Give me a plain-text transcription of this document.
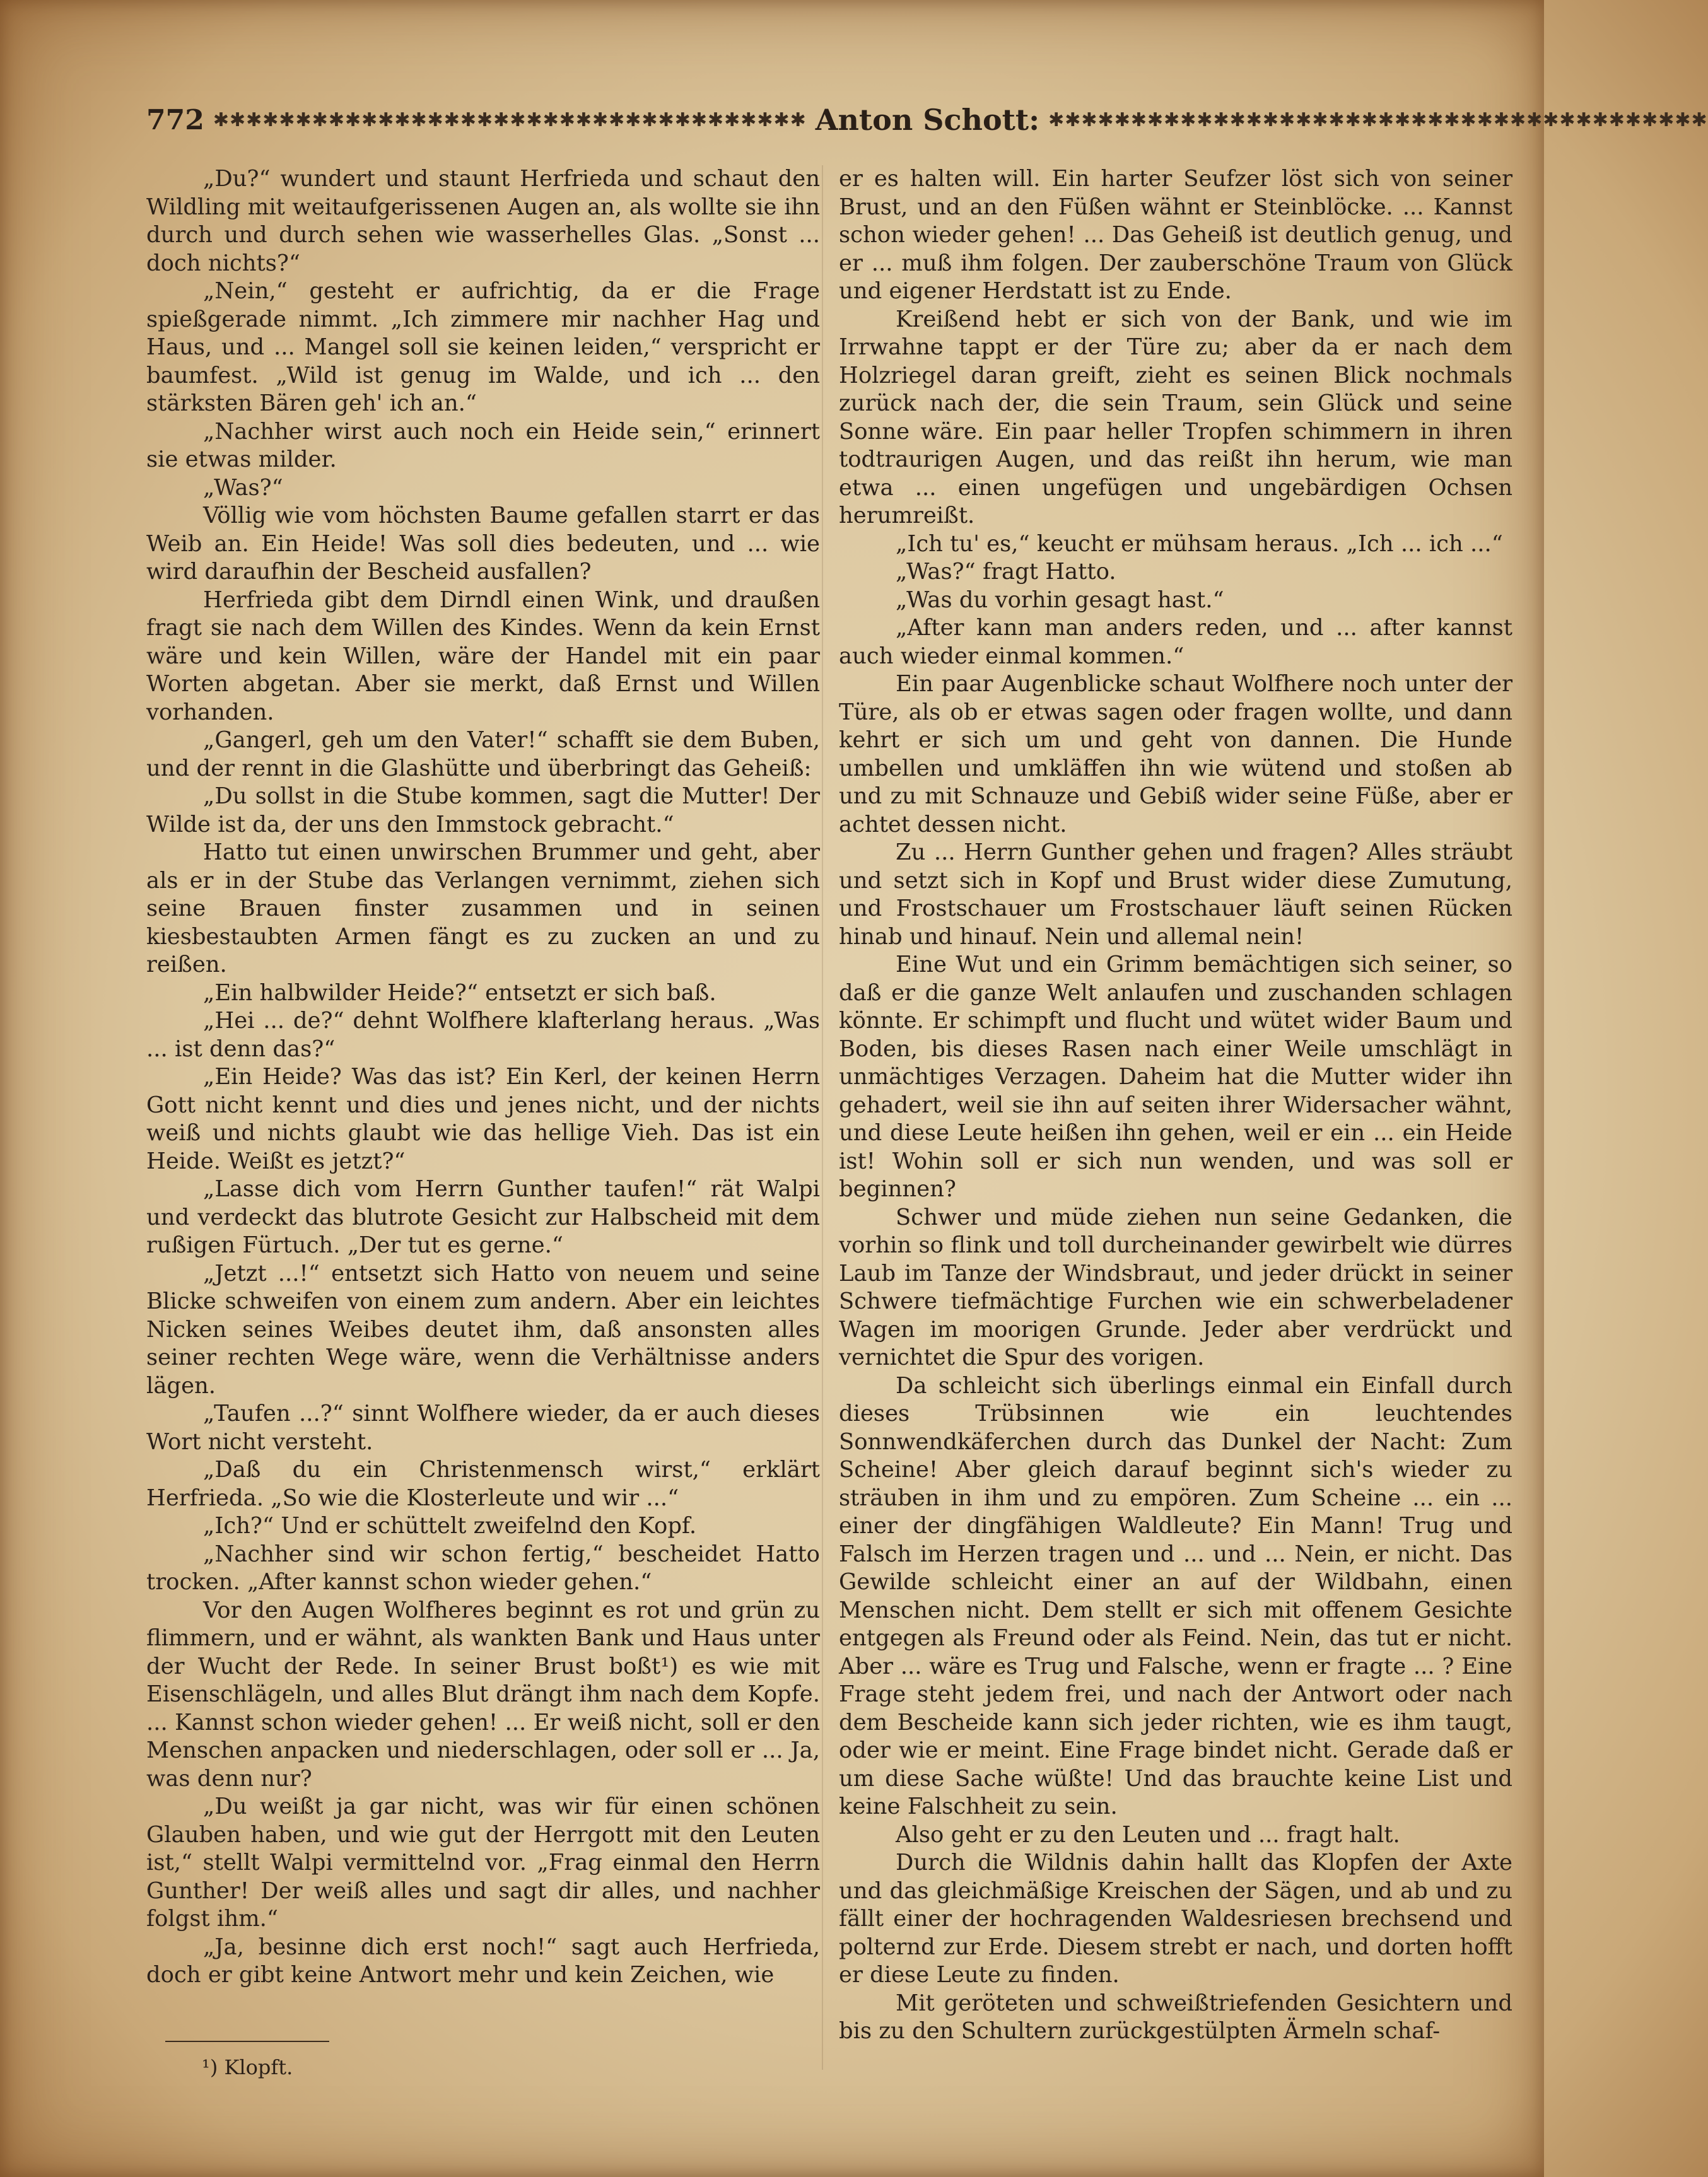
772 ✱✱✱✱✱✱✱✱✱✱✱✱✱✱✱✱✱✱✱✱✱✱✱✱✱✱✱✱✱✱✱✱✱✱✱✱ Anton Schott: ✱✱✱✱✱✱✱✱✱✱✱✱✱✱✱✱✱✱✱✱✱✱✱✱✱✱✱✱✱✱✱✱✱✱✱✱✱✱✱✱

„Du?“ wundert und staunt Herfrieda und schaut den Wildling mit weitaufgerissenen Augen an, als wollte sie ihn durch und durch sehen wie wasserhelles Glas. „Sonst ... doch nichts?“

„Nein,“ gesteht er aufrichtig, da er die Frage spießgerade nimmt. „Ich zimmere mir nachher Hag und Haus, und ... Mangel soll sie keinen leiden,“ verspricht er baumfest. „Wild ist genug im Walde, und ich ... den stärksten Bären geh' ich an.“

„Nachher wirst auch noch ein Heide sein,“ erinnert sie etwas milder.

„Was?“

Völlig wie vom höchsten Baume gefallen starrt er das Weib an. Ein Heide! Was soll dies bedeuten, und ... wie wird daraufhin der Bescheid ausfallen?

Herfrieda gibt dem Dirndl einen Wink, und draußen fragt sie nach dem Willen des Kindes. Wenn da kein Ernst wäre und kein Willen, wäre der Handel mit ein paar Worten abgetan. Aber sie merkt, daß Ernst und Willen vorhanden.

„Gangerl, geh um den Vater!“ schafft sie dem Buben, und der rennt in die Glashütte und überbringt das Geheiß:

„Du sollst in die Stube kommen, sagt die Mutter! Der Wilde ist da, der uns den Immstock gebracht.“

Hatto tut einen unwirschen Brummer und geht, aber als er in der Stube das Verlangen vernimmt, ziehen sich seine Brauen finster zusammen und in seinen kiesbestaubten Armen fängt es zu zucken an und zu reißen.

„Ein halbwilder Heide?“ entsetzt er sich baß.

„Hei ... de?“ dehnt Wolfhere klafterlang heraus. „Was ... ist denn das?“

„Ein Heide? Was das ist? Ein Kerl, der keinen Herrn Gott nicht kennt und dies und jenes nicht, und der nichts weiß und nichts glaubt wie das hellige Vieh. Das ist ein Heide. Weißt es jetzt?“

„Lasse dich vom Herrn Gunther taufen!“ rät Walpi und verdeckt das blutrote Gesicht zur Halbscheid mit dem rußigen Fürtuch. „Der tut es gerne.“

„Jetzt ...!“ entsetzt sich Hatto von neuem und seine Blicke schweifen von einem zum andern. Aber ein leichtes Nicken seines Weibes deutet ihm, daß ansonsten alles seiner rechten Wege wäre, wenn die Verhältnisse anders lägen.

„Taufen ...?“ sinnt Wolfhere wieder, da er auch dieses Wort nicht versteht.

„Daß du ein Christenmensch wirst,“ erklärt Herfrieda. „So wie die Klosterleute und wir ...“

„Ich?“ Und er schüttelt zweifelnd den Kopf.

„Nachher sind wir schon fertig,“ bescheidet Hatto trocken. „After kannst schon wieder gehen.“

Vor den Augen Wolfheres beginnt es rot und grün zu flimmern, und er wähnt, als wankten Bank und Haus unter der Wucht der Rede. In seiner Brust boßt¹) es wie mit Eisenschlägeln, und alles Blut drängt ihm nach dem Kopfe. ... Kannst schon wieder gehen! ... Er weiß nicht, soll er den Menschen anpacken und niederschlagen, oder soll er ... Ja, was denn nur?

„Du weißt ja gar nicht, was wir für einen schönen Glauben haben, und wie gut der Herrgott mit den Leuten ist,“ stellt Walpi vermittelnd vor. „Frag einmal den Herrn Gunther! Der weiß alles und sagt dir alles, und nachher folgst ihm.“

„Ja, besinne dich erst noch!“ sagt auch Herfrieda, doch er gibt keine Antwort mehr und kein Zeichen, wie

er es halten will. Ein harter Seufzer löst sich von seiner Brust, und an den Füßen wähnt er Steinblöcke. ... Kannst schon wieder gehen! ... Das Geheiß ist deutlich genug, und er ... muß ihm folgen. Der zauberschöne Traum von Glück und eigener Herdstatt ist zu Ende.

Kreißend hebt er sich von der Bank, und wie im Irrwahne tappt er der Türe zu; aber da er nach dem Holzriegel daran greift, zieht es seinen Blick nochmals zurück nach der, die sein Traum, sein Glück und seine Sonne wäre. Ein paar heller Tropfen schimmern in ihren todtraurigen Augen, und das reißt ihn herum, wie man etwa ... einen ungefügen und ungebärdigen Ochsen herumreißt.

„Ich tu' es,“ keucht er mühsam heraus. „Ich ... ich ...“

„Was?“ fragt Hatto.

„Was du vorhin gesagt hast.“

„After kann man anders reden, und ... after kannst auch wieder einmal kommen.“

Ein paar Augenblicke schaut Wolfhere noch unter der Türe, als ob er etwas sagen oder fragen wollte, und dann kehrt er sich um und geht von dannen. Die Hunde umbellen und umkläffen ihn wie wütend und stoßen ab und zu mit Schnauze und Gebiß wider seine Füße, aber er achtet dessen nicht.

Zu ... Herrn Gunther gehen und fragen? Alles sträubt und setzt sich in Kopf und Brust wider diese Zumutung, und Frostschauer um Frostschauer läuft seinen Rücken hinab und hinauf. Nein und allemal nein!

Eine Wut und ein Grimm bemächtigen sich seiner, so daß er die ganze Welt anlaufen und zuschanden schlagen könnte. Er schimpft und flucht und wütet wider Baum und Boden, bis dieses Rasen nach einer Weile umschlägt in unmächtiges Verzagen. Daheim hat die Mutter wider ihn gehadert, weil sie ihn auf seiten ihrer Widersacher wähnt, und diese Leute heißen ihn gehen, weil er ein ... ein Heide ist! Wohin soll er sich nun wenden, und was soll er beginnen?

Schwer und müde ziehen nun seine Gedanken, die vorhin so flink und toll durcheinander gewirbelt wie dürres Laub im Tanze der Windsbraut, und jeder drückt in seiner Schwere tiefmächtige Furchen wie ein schwerbeladener Wagen im moorigen Grunde. Jeder aber verdrückt und vernichtet die Spur des vorigen.

Da schleicht sich überlings einmal ein Einfall durch dieses Trübsinnen wie ein leuchtendes Sonnwendkäferchen durch das Dunkel der Nacht: Zum Scheine! Aber gleich darauf beginnt sich's wieder zu sträuben in ihm und zu empören. Zum Scheine ... ein ... einer der dingfähigen Waldleute? Ein Mann! Trug und Falsch im Herzen tragen und ... und ... Nein, er nicht. Das Gewilde schleicht einer an auf der Wildbahn, einen Menschen nicht. Dem stellt er sich mit offenem Gesichte entgegen als Freund oder als Feind. Nein, das tut er nicht. Aber ... wäre es Trug und Falsche, wenn er fragte ... ? Eine Frage steht jedem frei, und nach der Antwort oder nach dem Bescheide kann sich jeder richten, wie es ihm taugt, oder wie er meint. Eine Frage bindet nicht. Gerade daß er um diese Sache wüßte! Und das brauchte keine List und keine Falschheit zu sein.

Also geht er zu den Leuten und ... fragt halt.

Durch die Wildnis dahin hallt das Klopfen der Axte und das gleichmäßige Kreischen der Sägen, und ab und zu fällt einer der hochragenden Waldesriesen brechsend und polternd zur Erde. Diesem strebt er nach, und dorten hofft er diese Leute zu finden.

Mit geröteten und schweißtriefenden Gesichtern und bis zu den Schultern zurückgestülpten Ärmeln schaf-

¹) Klopft.
